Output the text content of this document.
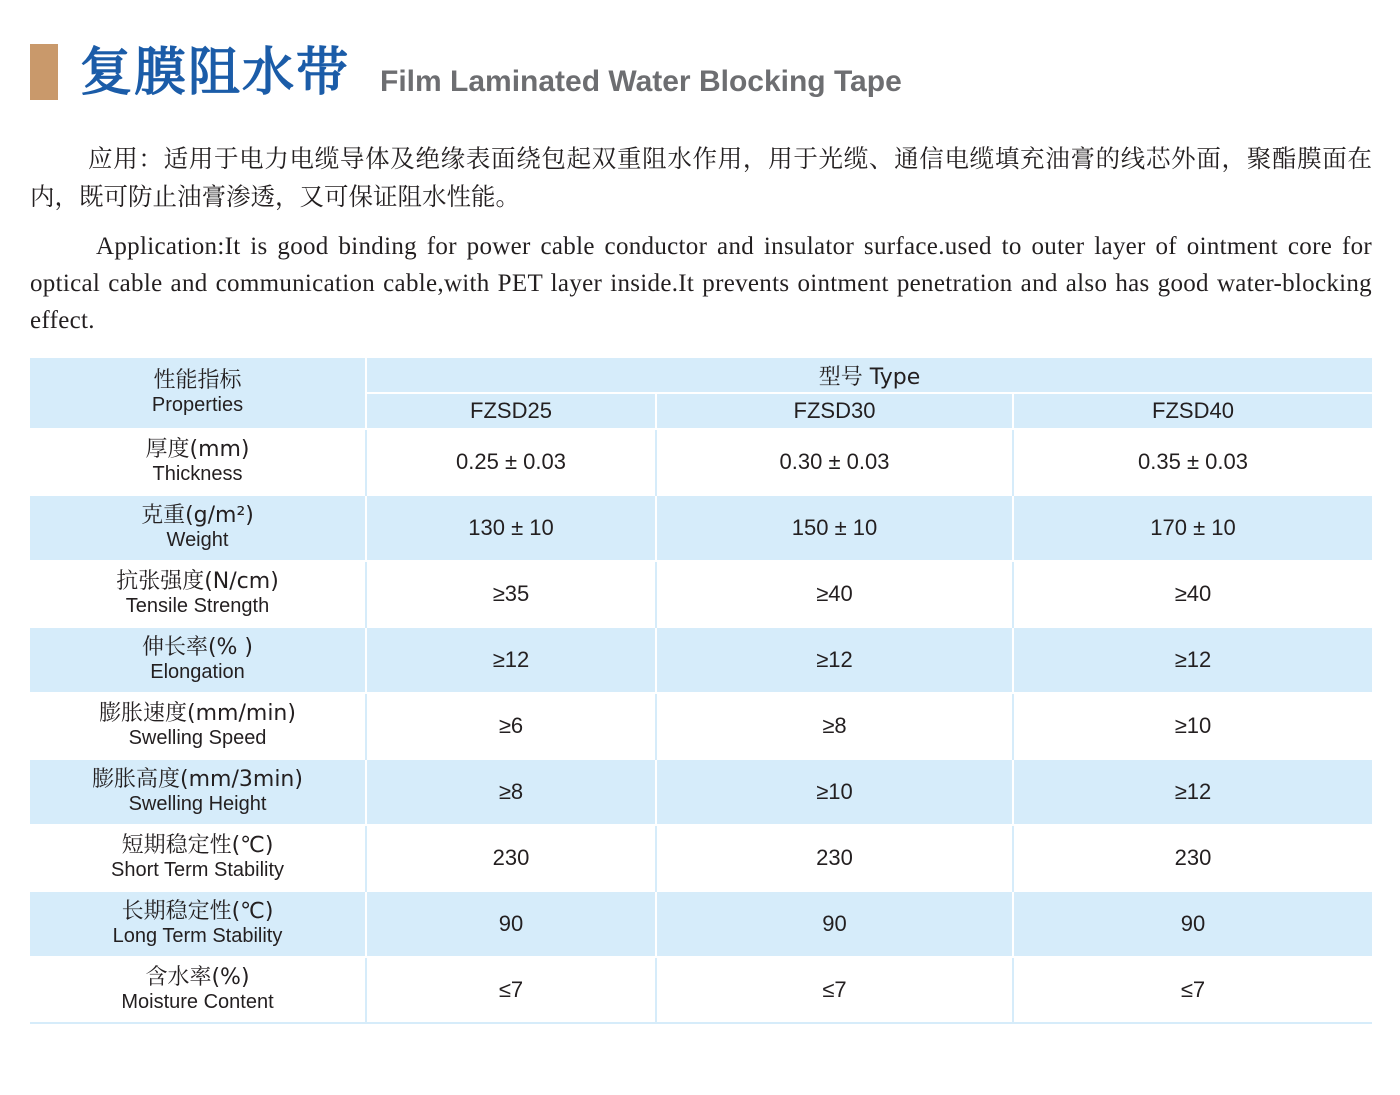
复膜阻水带 Film Laminated Water Blocking Tape
应用：适用于电力电缆导体及绝缘表面绕包起双重阻水作用，用于光缆、通信电缆填充油膏的线芯外面，聚酯膜面在内，既可防止油膏渗透，又可保证阻水性能。
Application:It is good binding for power cable conductor and insulator surface.used to outer layer of ointment core for optical cable and communication cable,with PET layer inside.It prevents ointment penetration and also has good water-blocking effect.
性能指标
Properties	型号 Type		
	FZSD25	FZSD30	FZSD40

厚度(mm)
Thickness	0.25 ± 0.03	0.30 ± 0.03	0.35 ± 0.03

克重(g/m²)
Weight	130 ± 10	150 ± 10	170 ± 10

抗张强度(N/cm)
Tensile Strength	≥35	≥40	≥40

伸长率(% )
Elongation	≥12	≥12	≥12

膨胀速度(mm/min)
Swelling Speed	≥6	≥8	≥10

膨胀高度(mm/3min)
Swelling Height	≥8	≥10	≥12

短期稳定性(℃)
Short Term Stability	230	230	230

长期稳定性(℃)
Long Term Stability	90	90	90

含水率(%)
Moisture Content	≤7	≤7	≤7
